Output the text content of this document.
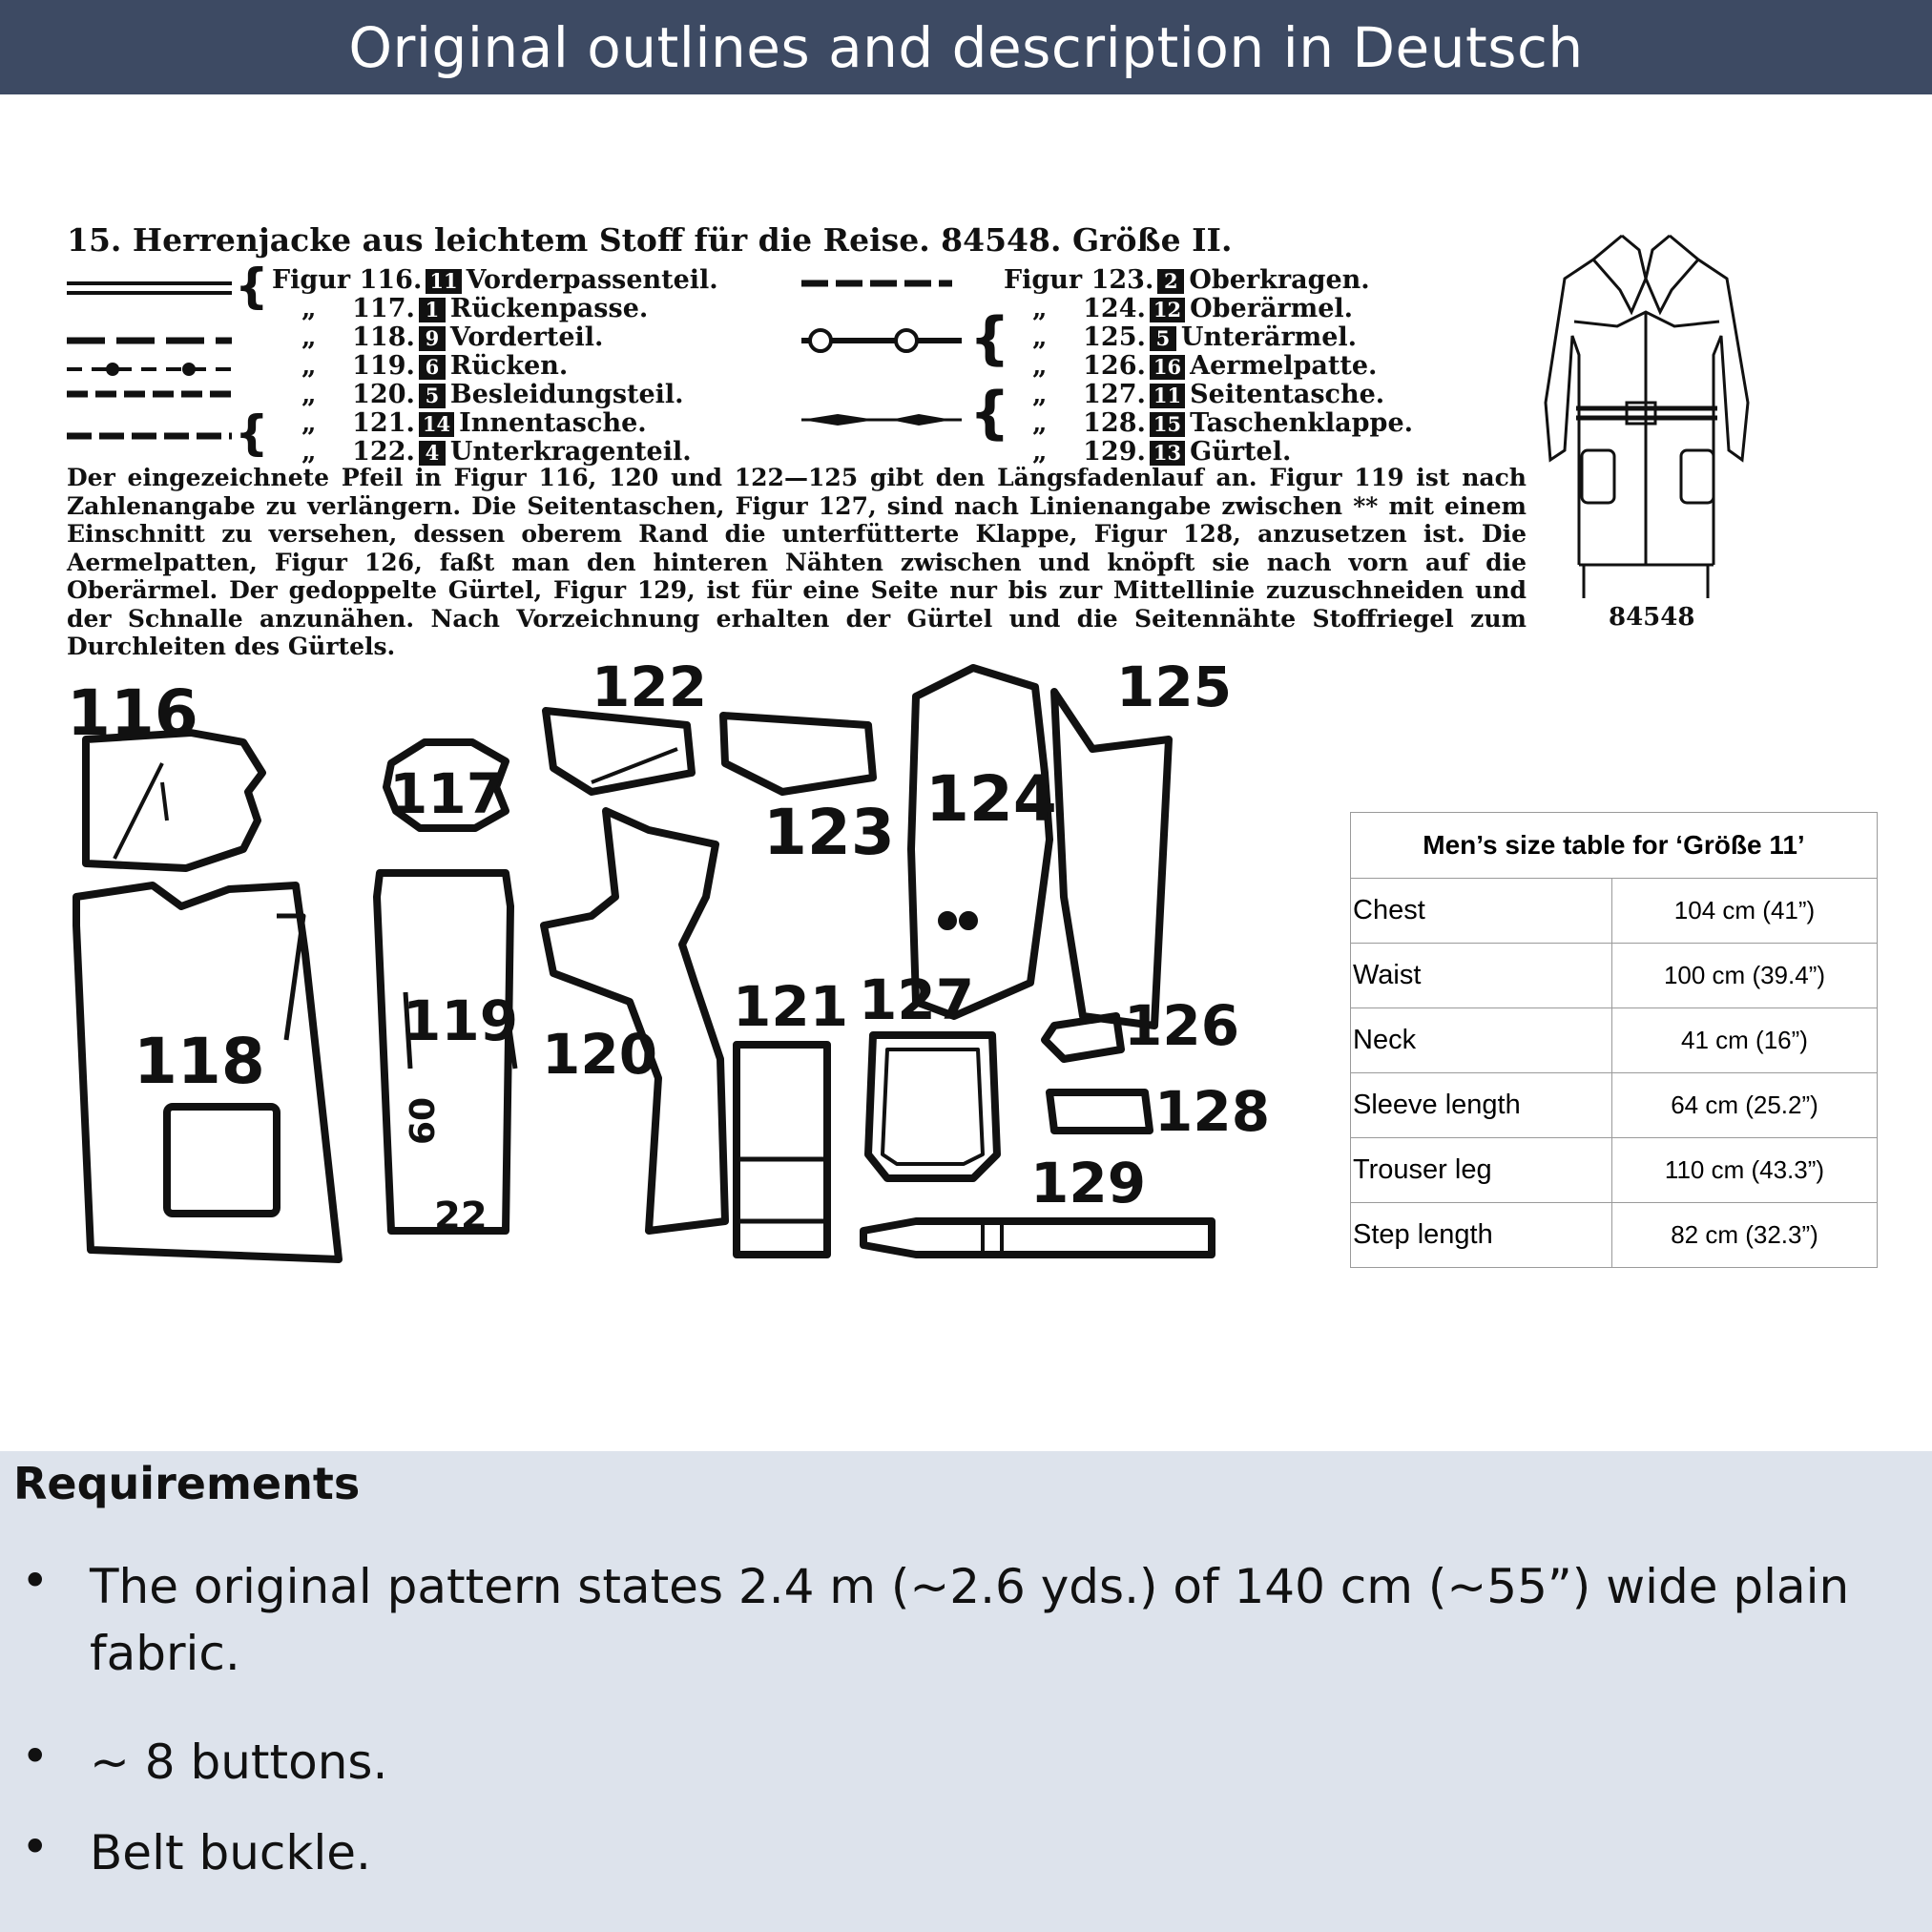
Original outlines and description in Deutsch
15. Herrenjacke aus leichtem Stoff für die Reise. 84548. Größe II.
Figur 116. 11 Vorderpassenteil.
„ 117. 1 Rückenpasse.
„ 118. 9 Vorderteil.
„ 119. 6 Rücken.
„ 120. 5 Besleidungsteil.
„ 121. 14 Innentasche.
„ 122. 4 Unterkragenteil.
Figur 123. 2 Oberkragen.
„ 124. 12 Oberärmel.
„ 125. 5 Unterärmel.
„ 126. 16 Aermelpatte.
„ 127. 11 Seitentasche.
„ 128. 15 Taschenklappe.
„ 129. 13 Gürtel.
{
{
{
{
Der eingezeichnete Pfeil in Figur 116, 120 und 122—125 gibt den Längsfadenlauf an. Figur 119 ist nach Zahlenangabe zu verlängern. Die Seitentaschen, Figur 127, sind nach Linienangabe zwischen ** mit einem Einschnitt zu versehen, dessen oberem Rand die unterfütterte Klappe, Figur 128, anzusetzen ist. Die Aermelpatten, Figur 126, faßt man den hinteren Nähten zwischen und knöpft sie nach vorn auf die Oberärmel. Der gedoppelte Gürtel, Figur 129, ist für eine Seite nur bis zur Mittellinie zuzuschneiden und der Schnalle anzunähen. Nach Vorzeichnung erhalten der Gürtel und die Seitennähte Stoffriegel zum Durchleiten des Gürtels.
84548
116
117
118
119
120
121
122
123 124
125
126
127
128
129
60
22
Men’s size table for ‘Größe 11’	
Chest	104 cm (41”)
Waist	100 cm (39.4”)
Neck	41 cm (16”)
Sleeve length	64 cm (25.2”)
Trouser leg	110 cm (43.3”)
Step length	82 cm (32.3”)
Requirements
• The original pattern states 2.4 m (~2.6 yds.) of 140 cm (~55”) wide plain fabric.
• ~ 8 buttons.
• Belt buckle.
